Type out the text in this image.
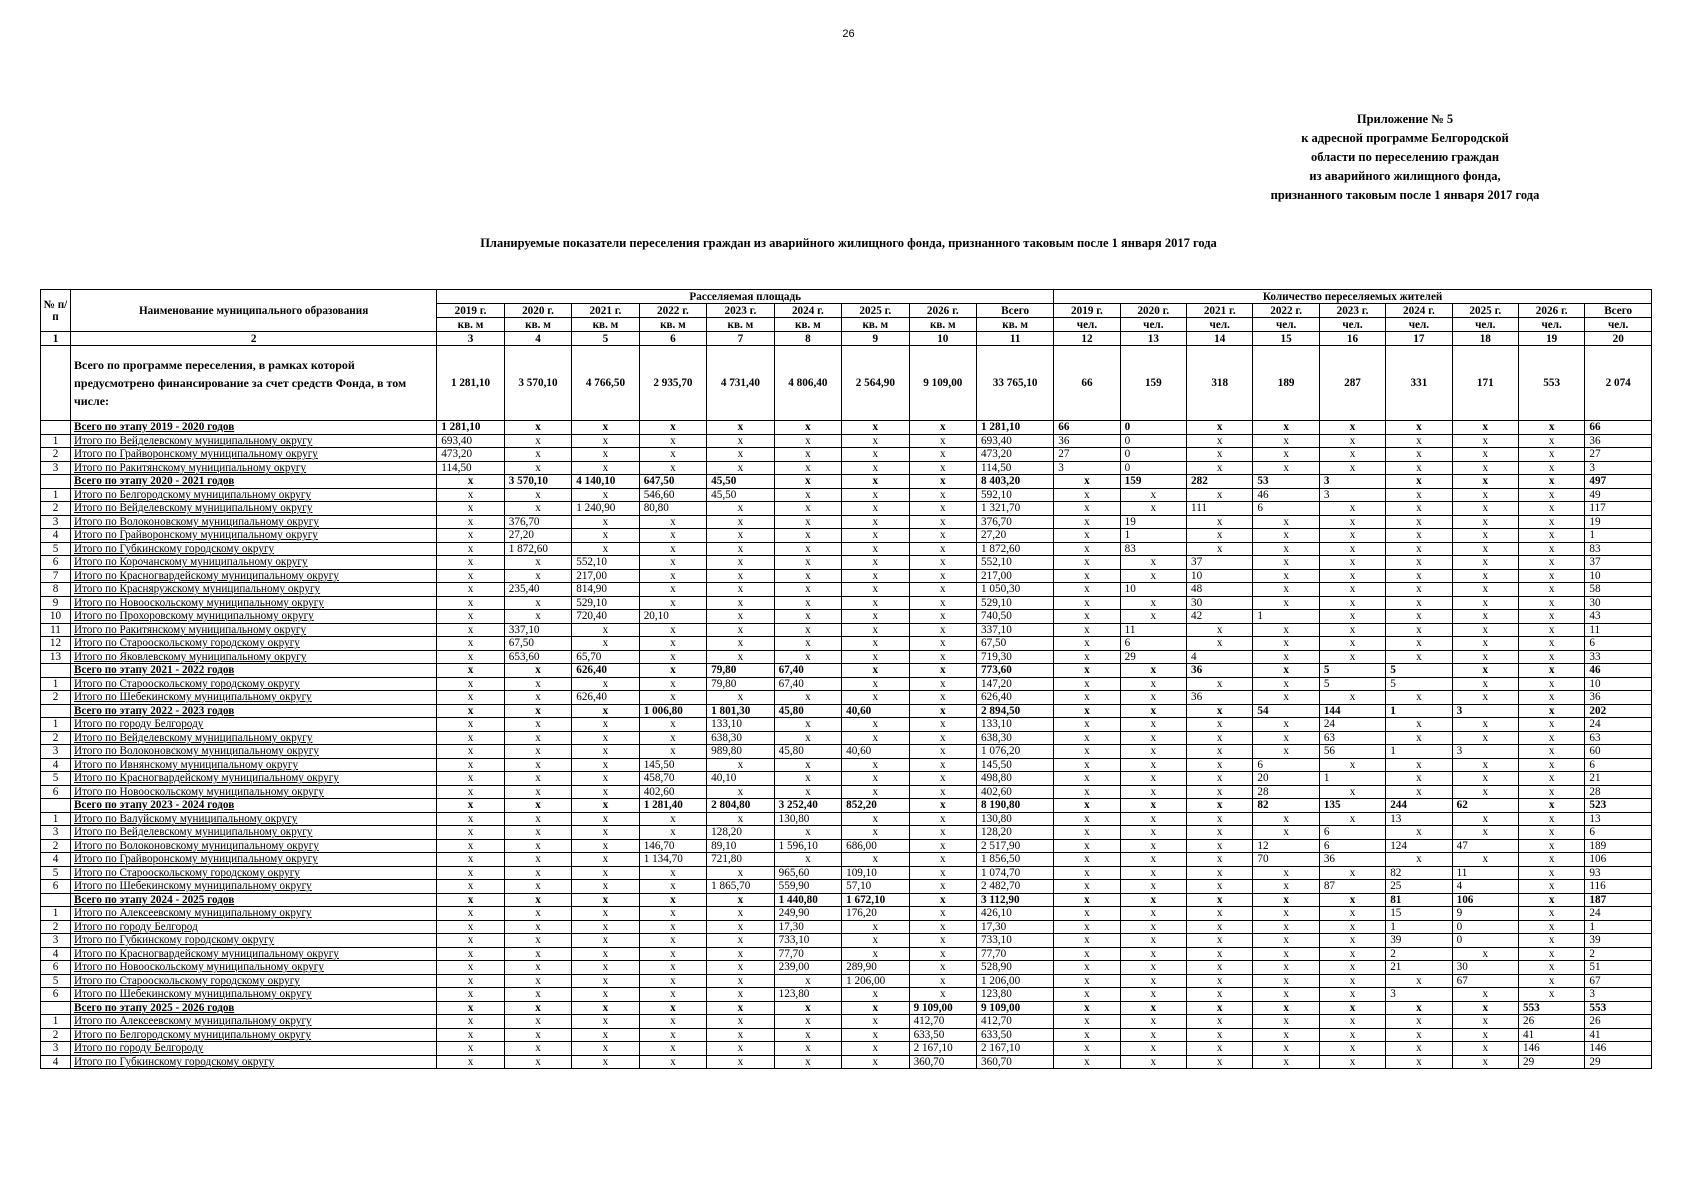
26
Приложение № 5
к адресной программе Белгородской
области по переселению граждан
из аварийного жилищного фонда,
признанного таковым после 1 января 2017 года
Планируемые показатели переселения граждан из аварийного жилищного фонда, признанного таковым после 1 января 2017 года
№ п/п	Наименование муниципального образования	Расселяемая площадь									Количество переселяемых жителей								
		2019 г.	2020 г.	2021 г.	2022 г.	2023 г.	2024 г.	2025 г.	2026 г.	Всего	2019 г.	2020 г.	2021 г.	2022 г.	2023 г.	2024 г.	2025 г.	2026 г.	Всего
		кв. м	кв. м	кв. м	кв. м	кв. м	кв. м	кв. м	кв. м	кв. м	чел.	чел.	чел.	чел.	чел.	чел.	чел.	чел.	чел.
1	2	3	4	5	6	7	8	9	10	11	12	13	14	15	16	17	18	19	20
	Всего по программе переселения, в рамках которой предусмотрено финансирование за счет средств Фонда, в том числе:	1 281,10	3 570,10	4 766,50	2 935,70	4 731,40	4 806,40	2 564,90	9 109,00	33 765,10	66	159	318	189	287	331	171	553	2 074
	Всего по этапу 2019 - 2020 годов	1 281,10	x	x	x	x	x	x	x	1 281,10	66	0	x	x	x	x	x	x	66
1	Итого по Вейделевскому муниципальному округу	693,40	x	x	x	x	x	x	x	693,40	36	0	x	x	x	x	x	x	36
2	Итого по Грайворонскому муниципальному округу	473,20	x	x	x	x	x	x	x	473,20	27	0	x	x	x	x	x	x	27
3	Итого по Ракитянскому муниципальному округу	114,50	x	x	x	x	x	x	x	114,50	3	0	x	x	x	x	x	x	3
	Всего по этапу 2020 - 2021 годов	x	3 570,10	4 140,10	647,50	45,50	x	x	x	8 403,20	x	159	282	53	3	x	x	x	497
1	Итого по Белгородскому муниципальному округу	x	x	x	546,60	45,50	x	x	x	592,10	x	x	x	46	3	x	x	x	49
2	Итого по Вейделевскому муниципальному округу	x	x	1 240,90	80,80	x	x	x	x	1 321,70	x	x	111	6	x	x	x	x	117
3	Итого по Волоконовскому муниципальному округу	x	376,70	x	x	x	x	x	x	376,70	x	19	x	x	x	x	x	x	19
4	Итого по Грайворонскому муниципальному округу	x	27,20	x	x	x	x	x	x	27,20	x	1	x	x	x	x	x	x	1
5	Итого по Губкинскому городскому округу	x	1 872,60	x	x	x	x	x	x	1 872,60	x	83	x	x	x	x	x	x	83
6	Итого по Корочанскому муниципальному округу	x	x	552,10	x	x	x	x	x	552,10	x	x	37	x	x	x	x	x	37
7	Итого по Красногвардейскому муниципальному округу	x	x	217,00	x	x	x	x	x	217,00	x	x	10	x	x	x	x	x	10
8	Итого по Красняружскому муниципальному округу	x	235,40	814,90	x	x	x	x	x	1 050,30	x	10	48	x	x	x	x	x	58
9	Итого по Новооскольскому муниципальному округу	x	x	529,10	x	x	x	x	x	529,10	x	x	30	x	x	x	x	x	30
10	Итого по Прохоровскому муниципальному округу	x	x	720,40	20,10	x	x	x	x	740,50	x	x	42	1	x	x	x	x	43
11	Итого по Ракитянскому муниципальному округу	x	337,10	x	x	x	x	x	x	337,10	x	11	x	x	x	x	x	x	11
12	Итого по Старооскольскому городскому округу	x	67,50	x	x	x	x	x	x	67,50	x	6	x	x	x	x	x	x	6
13	Итого по Яковлевскому муниципальному округу	x	653,60	65,70	x	x	x	x	x	719,30	x	29	4	x	x	x	x	x	33
	Всего по этапу 2021 - 2022 годов	x	x	626,40	x	79,80	67,40	x	x	773,60	x	x	36	x	5	5	x	x	46
1	Итого по Старооскольскому городскому округу	x	x	x	x	79,80	67,40	x	x	147,20	x	x	x	x	5	5	x	x	10
2	Итого по Шебекинскому муниципальному округу	x	x	626,40	x	x	x	x	x	626,40	x	x	36	x	x	x	x	x	36
	Всего по этапу 2022 - 2023 годов	x	x	x	1 006,80	1 801,30	45,80	40,60	x	2 894,50	x	x	x	54	144	1	3	x	202
1	Итого по городу Белгороду	x	x	x	x	133,10	x	x	x	133,10	x	x	x	x	24	x	x	x	24
2	Итого по Вейделевскому муниципальному округу	x	x	x	x	638,30	x	x	x	638,30	x	x	x	x	63	x	x	x	63
3	Итого по Волоконовскому муниципальному округу	x	x	x	x	989,80	45,80	40,60	x	1 076,20	x	x	x	x	56	1	3	x	60
4	Итого по Ивнянскому муниципальному округу	x	x	x	145,50	x	x	x	x	145,50	x	x	x	6	x	x	x	x	6
5	Итого по Красногвардейскому муниципальному округу	x	x	x	458,70	40,10	x	x	x	498,80	x	x	x	20	1	x	x	x	21
6	Итого по Новооскольскому муниципальному округу	x	x	x	402,60	x	x	x	x	402,60	x	x	x	28	x	x	x	x	28
	Всего по этапу 2023 - 2024 годов	x	x	x	1 281,40	2 804,80	3 252,40	852,20	x	8 190,80	x	x	x	82	135	244	62	x	523
1	Итого по Валуйскому муниципальному округу	x	x	x	x	x	130,80	x	x	130,80	x	x	x	x	x	13	x	x	13
3	Итого по Вейделевскому муниципальному округу	x	x	x	x	128,20	x	x	x	128,20	x	x	x	x	6	x	x	x	6
2	Итого по Волоконовскому муниципальному округу	x	x	x	146,70	89,10	1 596,10	686,00	x	2 517,90	x	x	x	12	6	124	47	x	189
4	Итого по Грайворонскому муниципальному округу	x	x	x	1 134,70	721,80	x	x	x	1 856,50	x	x	x	70	36	x	x	x	106
5	Итого по Старооскольскому городскому округу	x	x	x	x	x	965,60	109,10	x	1 074,70	x	x	x	x	x	82	11	x	93
6	Итого по Шебекинскому муниципальному округу	x	x	x	x	1 865,70	559,90	57,10	x	2 482,70	x	x	x	x	87	25	4	x	116
	Всего по этапу 2024 - 2025 годов	x	x	x	x	x	1 440,80	1 672,10	x	3 112,90	x	x	x	x	x	81	106	x	187
1	Итого по Алексеевскому муниципальному округу	x	x	x	x	x	249,90	176,20	x	426,10	x	x	x	x	x	15	9	x	24
2	Итого по городу Белгород	x	x	x	x	x	17,30	x	x	17,30	x	x	x	x	x	1	0	x	1
3	Итого по Губкинскому городскому округу	x	x	x	x	x	733,10	x	x	733,10	x	x	x	x	x	39	0	x	39
4	Итого по Красногвардейскому муниципальному округу	x	x	x	x	x	77,70	x	x	77,70	x	x	x	x	x	2	x	x	2
6	Итого по Новооскольскому муниципальному округу	x	x	x	x	x	239,00	289,90	x	528,90	x	x	x	x	x	21	30	x	51
5	Итого по Старооскольскому городскому округу	x	x	x	x	x	x	1 206,00	x	1 206,00	x	x	x	x	x	x	67	x	67
6	Итого по Шебекинскому муниципальному округу	x	x	x	x	x	123,80	x	x	123,80	x	x	x	x	x	3	x	x	3
	Всего по этапу 2025 - 2026 годов	x	x	x	x	x	x	x	9 109,00	9 109,00	x	x	x	x	x	x	x	553	553
1	Итого по Алексеевскому муниципальному округу	x	x	x	x	x	x	x	412,70	412,70	x	x	x	x	x	x	x	26	26
2	Итого по Белгородскому муниципальному округу	x	x	x	x	x	x	x	633,50	633,50	x	x	x	x	x	x	x	41	41
3	Итого по городу Белгороду	x	x	x	x	x	x	x	2 167,10	2 167,10	x	x	x	x	x	x	x	146	146
4	Итого по Губкинскому городскому округу	x	x	x	x	x	x	x	360,70	360,70	x	x	x	x	x	x	x	29	29
